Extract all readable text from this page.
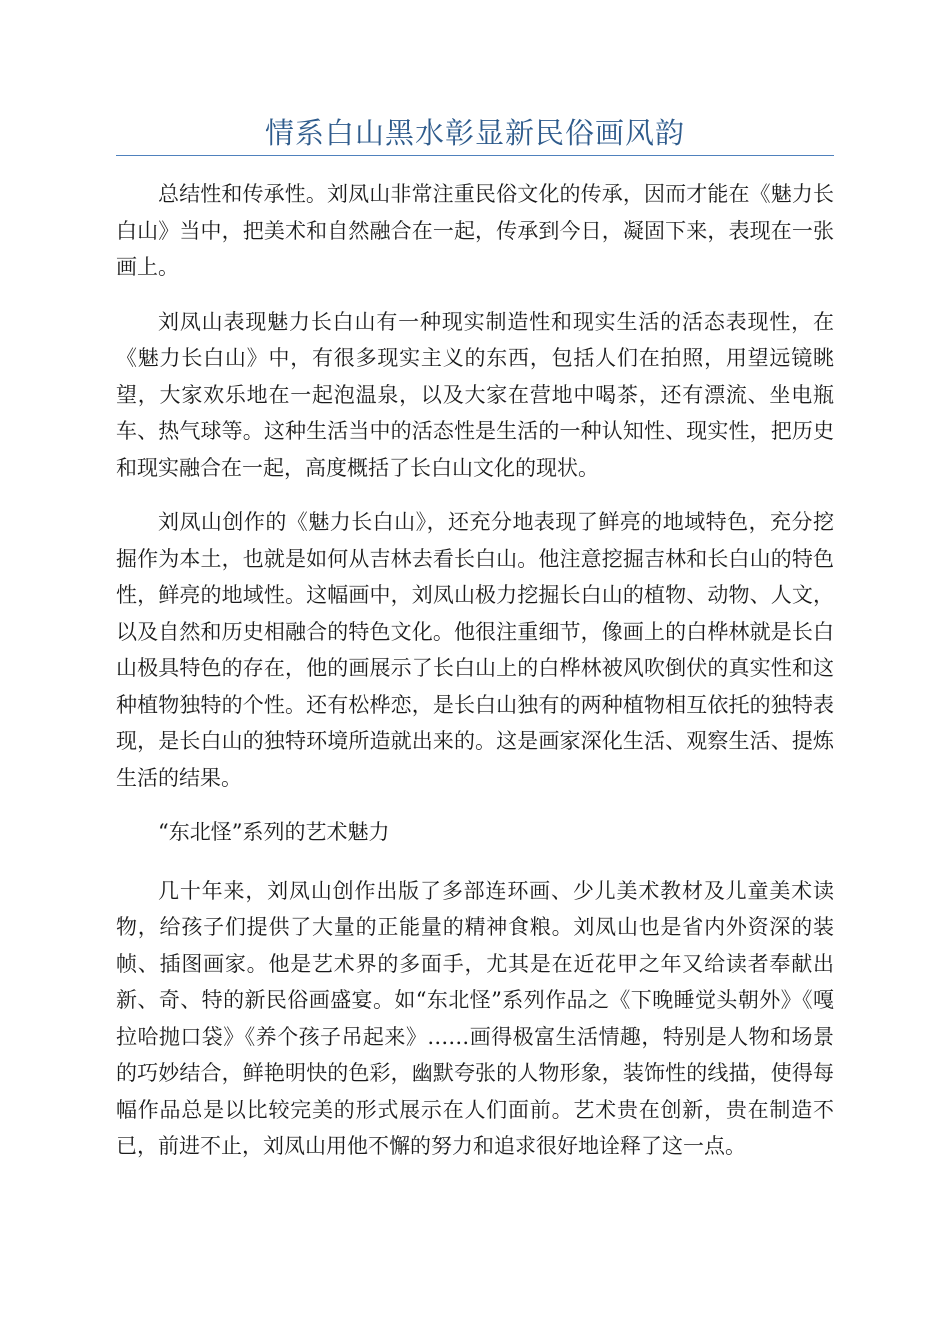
情系白山黑水彰显新民俗画风韵

总结性和传承性。刘凤山非常注重民俗文化的传承，因而才能在《魅力长白山》当中，把美术和自然融合在一起，传承到今日，凝固下来，表现在一张画上。

刘凤山表现魅力长白山有一种现实制造性和现实生活的活态表现性，在《魅力长白山》中，有很多现实主义的东西，包括人们在拍照，用望远镜眺望，大家欢乐地在一起泡温泉，以及大家在营地中喝茶，还有漂流、坐电瓶车、热气球等。这种生活当中的活态性是生活的一种认知性、现实性，把历史和现实融合在一起，高度概括了长白山文化的现状。

刘凤山创作的《魅力长白山》，还充分地表现了鲜亮的地域特色，充分挖掘作为本土，也就是如何从吉林去看长白山。他注意挖掘吉林和长白山的特色性，鲜亮的地域性。这幅画中，刘凤山极力挖掘长白山的植物、动物、人文，以及自然和历史相融合的特色文化。他很注重细节，像画上的白桦林就是长白山极具特色的存在，他的画展示了长白山上的白桦林被风吹倒伏的真实性和这种植物独特的个性。还有松桦恋，是长白山独有的两种植物相互依托的独特表现，是长白山的独特环境所造就出来的。这是画家深化生活、观察生活、提炼生活的结果。

“东北怪”系列的艺术魅力

几十年来，刘凤山创作出版了多部连环画、少儿美术教材及儿童美术读物，给孩子们提供了大量的正能量的精神食粮。刘凤山也是省内外资深的装帧、插图画家。他是艺术界的多面手，尤其是在近花甲之年又给读者奉献出新、奇、特的新民俗画盛宴。如“东北怪”系列作品之《下晚睡觉头朝外》《嘎拉哈抛口袋》《养个孩子吊起来》……画得极富生活情趣，特别是人物和场景的巧妙结合，鲜艳明快的色彩，幽默夸张的人物形象，装饰性的线描，使得每幅作品总是以比较完美的形式展示在人们面前。艺术贵在创新，贵在制造不已，前进不止，刘凤山用他不懈的努力和追求很好地诠释了这一点。
